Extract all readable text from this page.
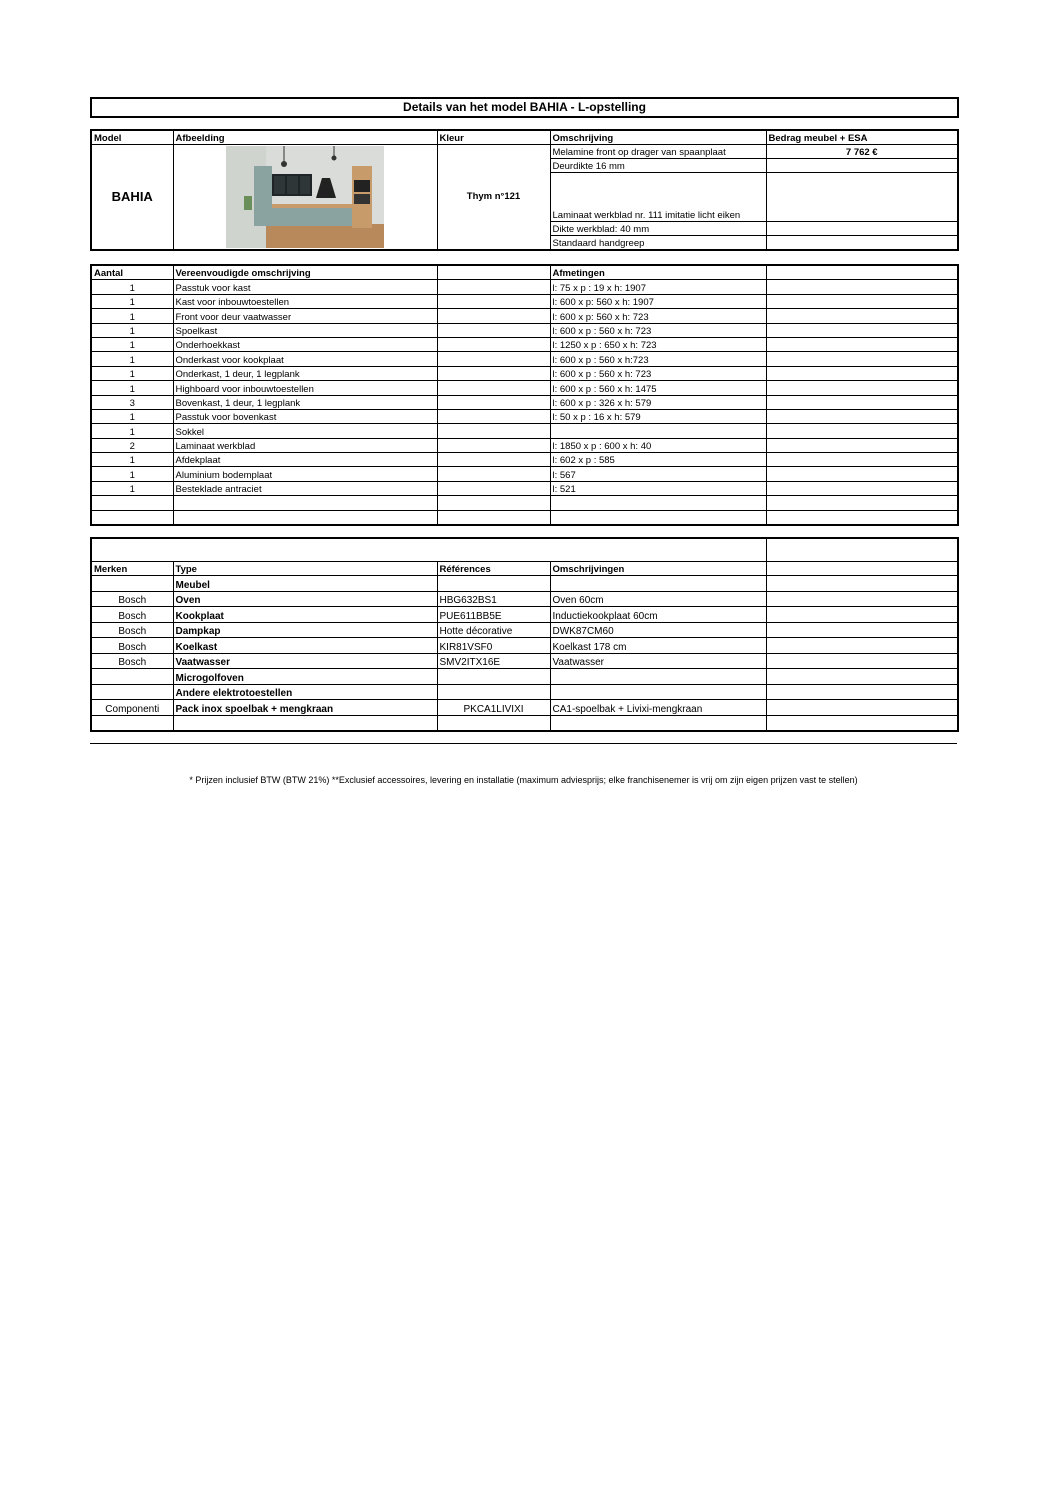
Details van het model BAHIA - L-opstelling
Model	Afbeelding	Kleur	Omschrijving	Bedrag meubel + ESA
BAHIA		Thym n°121	Melamine front op drager van spaanplaat	7 762 €
			Deurdikte 16 mm	
			Laminaat werkblad nr. 111 imitatie licht eiken	
			Dikte werkblad: 40 mm	
			Standaard handgreep	
Aantal	Vereenvoudigde omschrijving		Afmetingen	
1	Passtuk voor kast		l: 75 x p : 19 x h: 1907	
1	Kast voor inbouwtoestellen		l: 600 x p: 560 x h: 1907	
1	Front voor deur vaatwasser		l: 600 x p: 560 x h: 723	
1	Spoelkast		l: 600 x p : 560 x h: 723	
1	Onderhoekkast		l: 1250 x p : 650 x h: 723	
1	Onderkast voor kookplaat		l: 600 x p : 560 x h:723	
1	Onderkast, 1 deur, 1 legplank		l: 600 x p : 560 x h: 723	
1	Highboard voor inbouwtoestellen		l: 600 x p : 560 x h: 1475	
3	Bovenkast, 1 deur, 1 legplank		l: 600 x p : 326 x h: 579	
1	Passtuk voor bovenkast		l: 50 x p : 16 x h: 579	
1	Sokkel			
2	Laminaat werkblad		l: 1850 x p : 600 x h: 40	
1	Afdekplaat		l: 602 x p : 585	
1	Aluminium bodemplaat		l: 567	
1	Besteklade antraciet		l: 521	

Merken	Type	Références	Omschrijvingen	
	Meubel			
Bosch	Oven	HBG632BS1	Oven 60cm	
Bosch	Kookplaat	PUE611BB5E	Inductiekookplaat 60cm	
Bosch	Dampkap	Hotte décorative	DWK87CM60	
Bosch	Koelkast	KIR81VSF0	Koelkast 178 cm	
Bosch	Vaatwasser	SMV2ITX16E	Vaatwasser	
	Microgolfoven			
	Andere elektrotoestellen			
Componenti	Pack inox spoelbak + mengkraan	PKCA1LIVIXI	CA1-spoelbak + Livixi-mengkraan	

* Prijzen inclusief BTW (BTW 21%) **Exclusief accessoires, levering en installatie (maximum adviesprijs; elke franchisenemer is vrij om zijn eigen prijzen vast te stellen)
